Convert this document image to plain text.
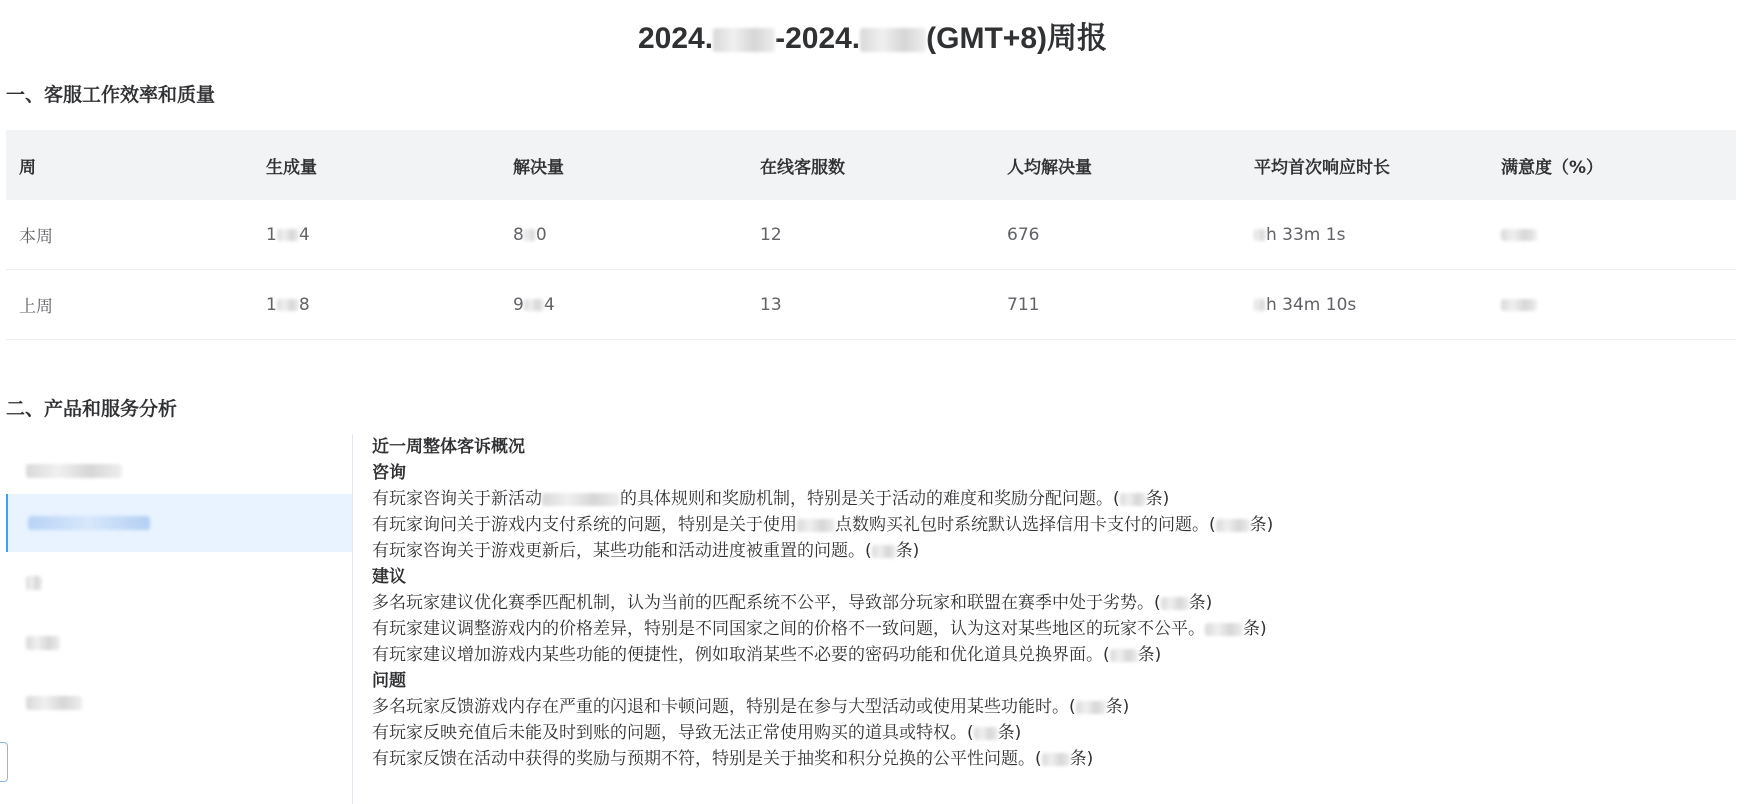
2024. -2024. (GMT+8)周报
一、客服工作效率和质量
周	生成量	解决量	在线客服数	人均解决量	平均首次响应时长	满意度（%）
本周	1 4	8 0	12	676	h 33m 1s	
上周	1 8	9 4	13	711	h 34m 10s	
二、产品和服务分析
近一周整体客诉概况
咨询
有玩家咨询关于新活动	的具体规则和奖励机制，特别是关于活动的难度和奖励分配问题。( 条)
有玩家询问关于游戏内支付系统的问题，特别是关于使用 点数购买礼包时系统默认选择信用卡支付的问题。( 条)
有玩家咨询关于游戏更新后，某些功能和活动进度被重置的问题。( 条)
建议
多名玩家建议优化赛季匹配机制，认为当前的匹配系统不公平，导致部分玩家和联盟在赛季中处于劣势。( 条)
有玩家建议调整游戏内的价格差异，特别是不同国家之间的价格不一致问题，认为这对某些地区的玩家不公平。 条)
有玩家建议增加游戏内某些功能的便捷性，例如取消某些不必要的密码功能和优化道具兑换界面。( 条)
问题
多名玩家反馈游戏内存在严重的闪退和卡顿问题，特别是在参与大型活动或使用某些功能时。( 条)
有玩家反映充值后未能及时到账的问题，导致无法正常使用购买的道具或特权。( 条)
有玩家反馈在活动中获得的奖励与预期不符，特别是关于抽奖和积分兑换的公平性问题。( 条)
